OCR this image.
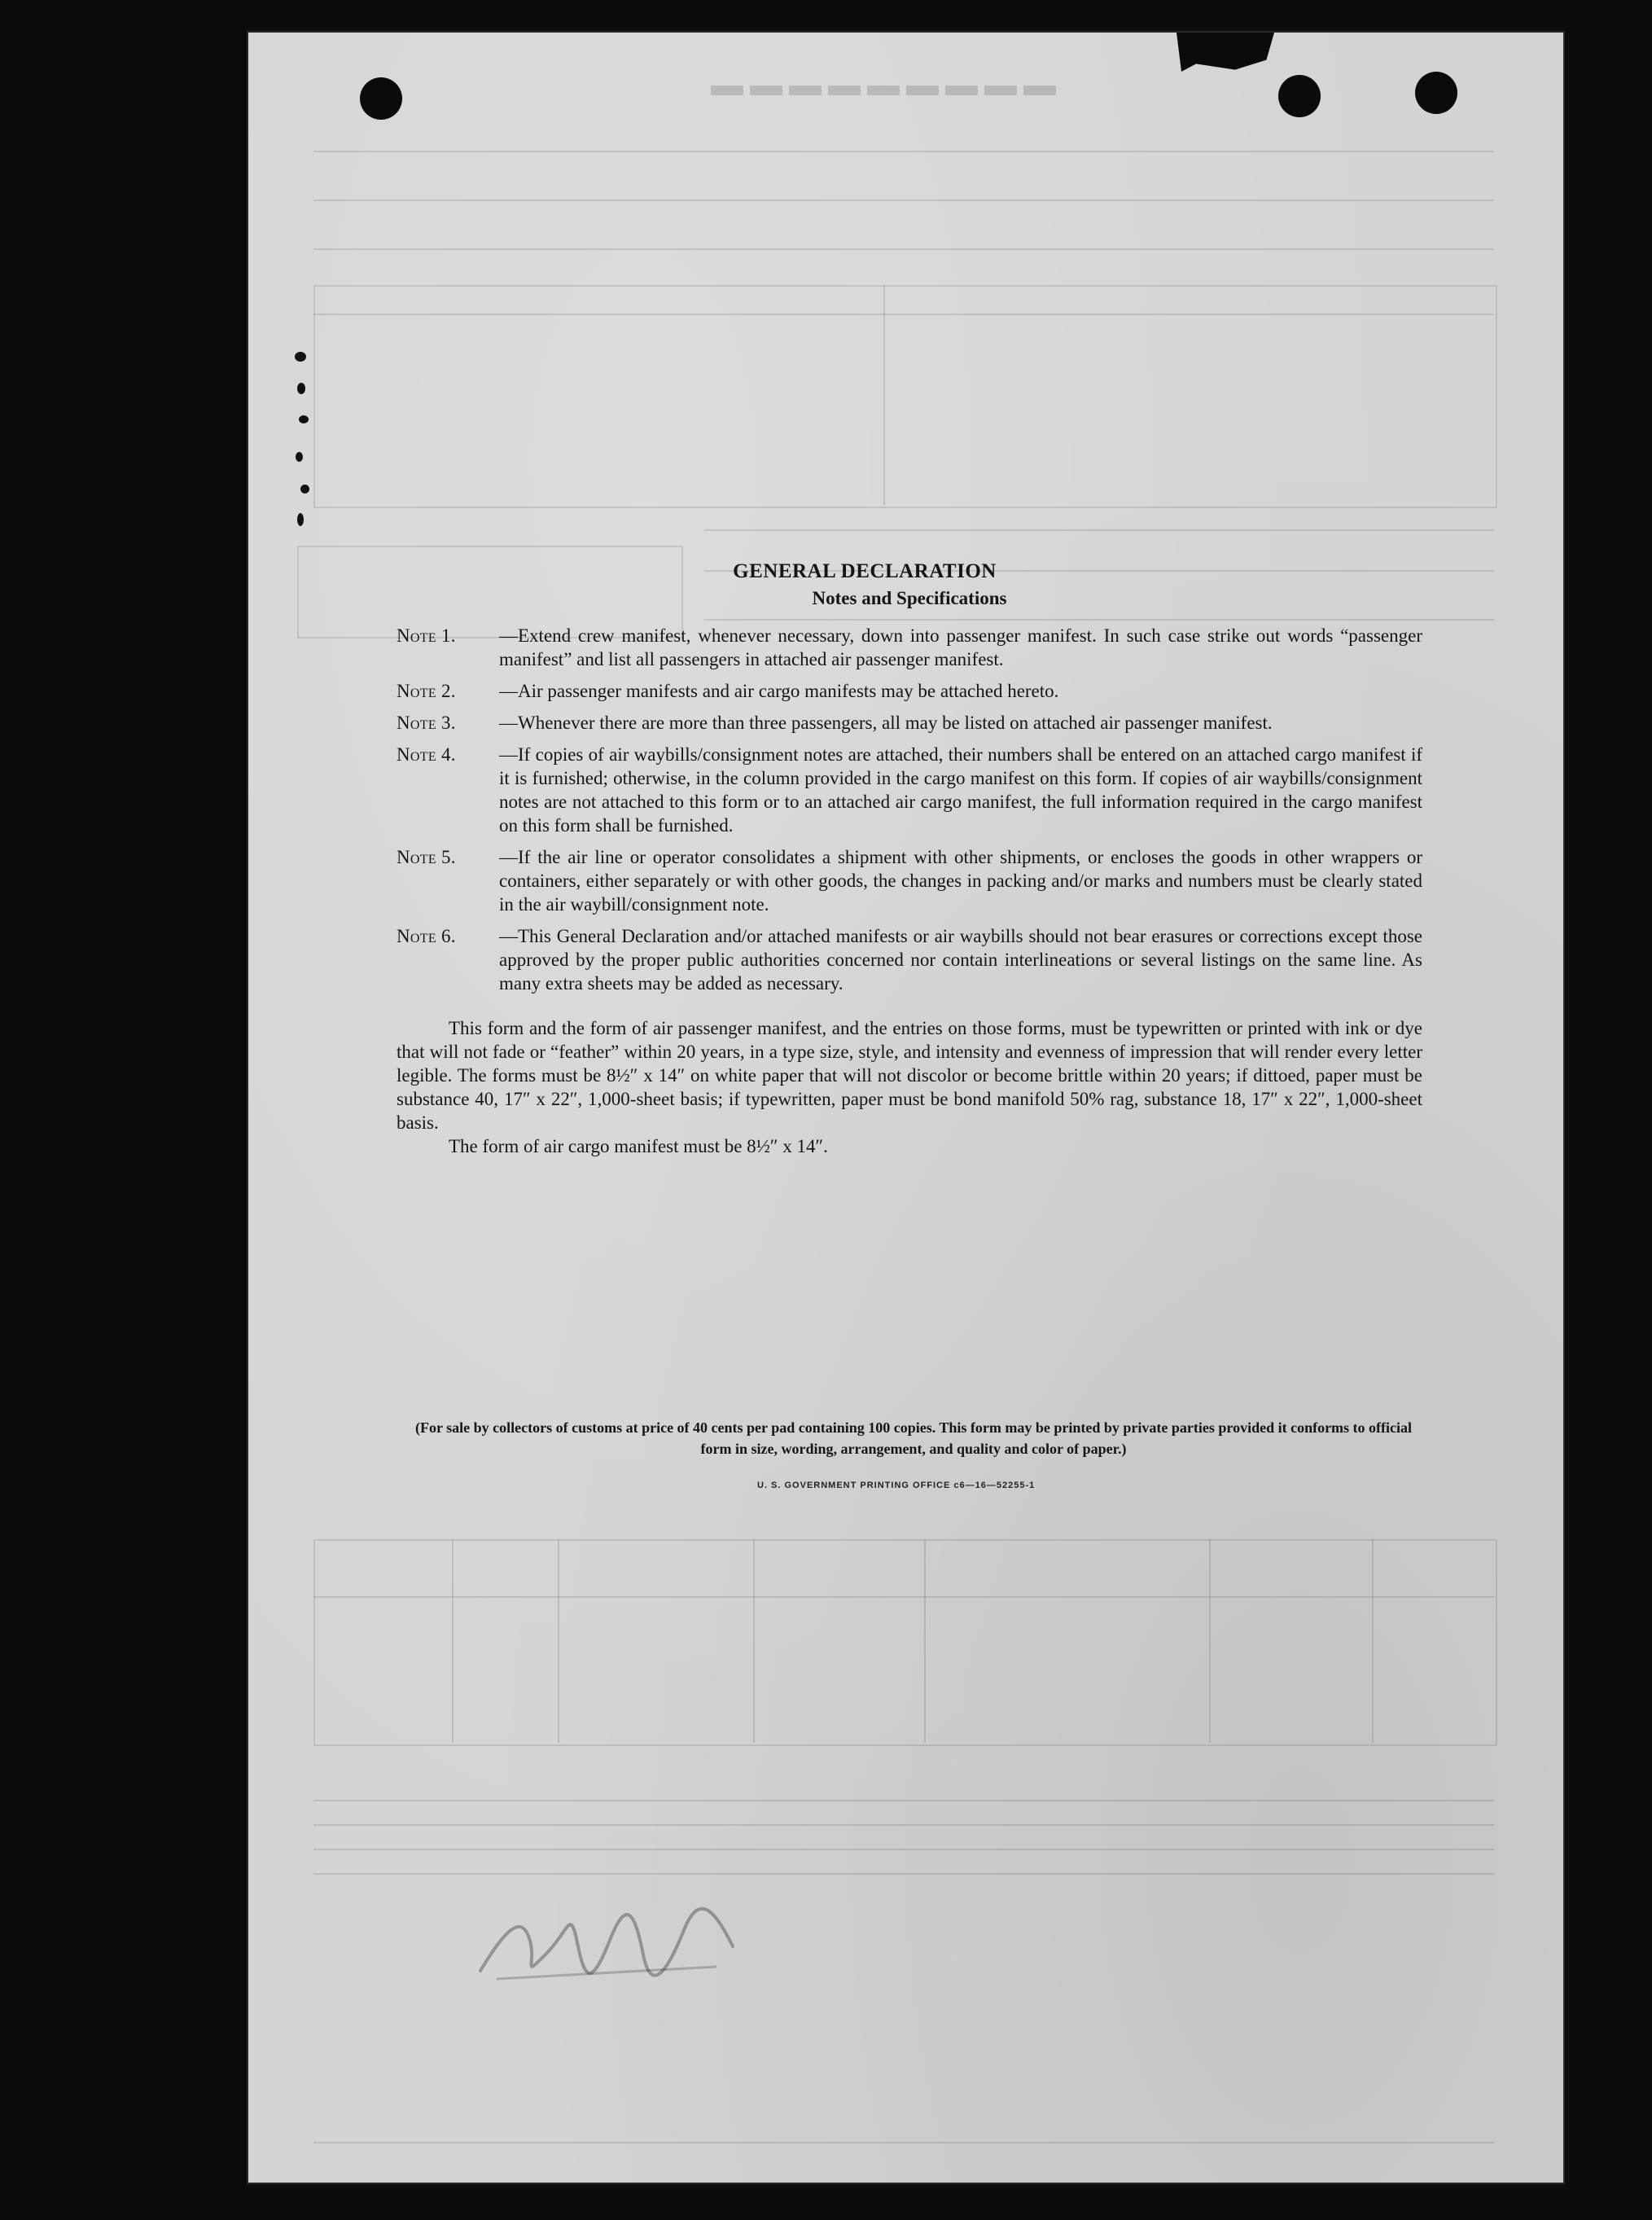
▬▬▬▬▬▬▬▬▬
GENERAL DECLARATION
Notes and Specifications
Note 1.	—Extend crew manifest, whenever necessary, down into passenger manifest. In such case strike out words “passenger manifest” and list all passengers in attached air passenger manifest.
Note 2.	—Air passenger manifests and air cargo manifests may be attached hereto.
Note 3.	—Whenever there are more than three passengers, all may be listed on attached air passenger manifest.
Note 4.	—If copies of air waybills/consignment notes are attached, their numbers shall be entered on an attached cargo manifest if it is furnished; otherwise, in the column provided in the cargo manifest on this form. If copies of air waybills/consignment notes are not attached to this form or to an attached air cargo manifest, the full information required in the cargo manifest on this form shall be furnished.
Note 5.	—If the air line or operator consolidates a shipment with other shipments, or encloses the goods in other wrappers or containers, either separately or with other goods, the changes in packing and/or marks and numbers must be clearly stated in the air waybill/consignment note.
Note 6.	—This General Declaration and/or attached manifests or air waybills should not bear erasures or corrections except those approved by the proper public authorities concerned nor contain interlineations or several listings on the same line. As many extra sheets may be added as necessary.
This form and the form of air passenger manifest, and the entries on those forms, must be typewritten or printed with ink or dye that will not fade or “feather” within 20 years, in a type size, style, and intensity and evenness of impression that will render every letter legible. The forms must be 8½″ x 14″ on white paper that will not discolor or become brittle within 20 years; if dittoed, paper must be substance 40, 17″ x 22″, 1,000-sheet basis; if typewritten, paper must be bond manifold 50% rag, substance 18, 17″ x 22″, 1,000-sheet basis.
The form of air cargo manifest must be 8½″ x 14″.
(For sale by collectors of customs at price of 40 cents per pad containing 100 copies. This form may be printed by private parties provided it conforms to official form in size, wording, arrangement, and quality and color of paper.)
U. S. GOVERNMENT PRINTING OFFICE c6—16—52255-1
